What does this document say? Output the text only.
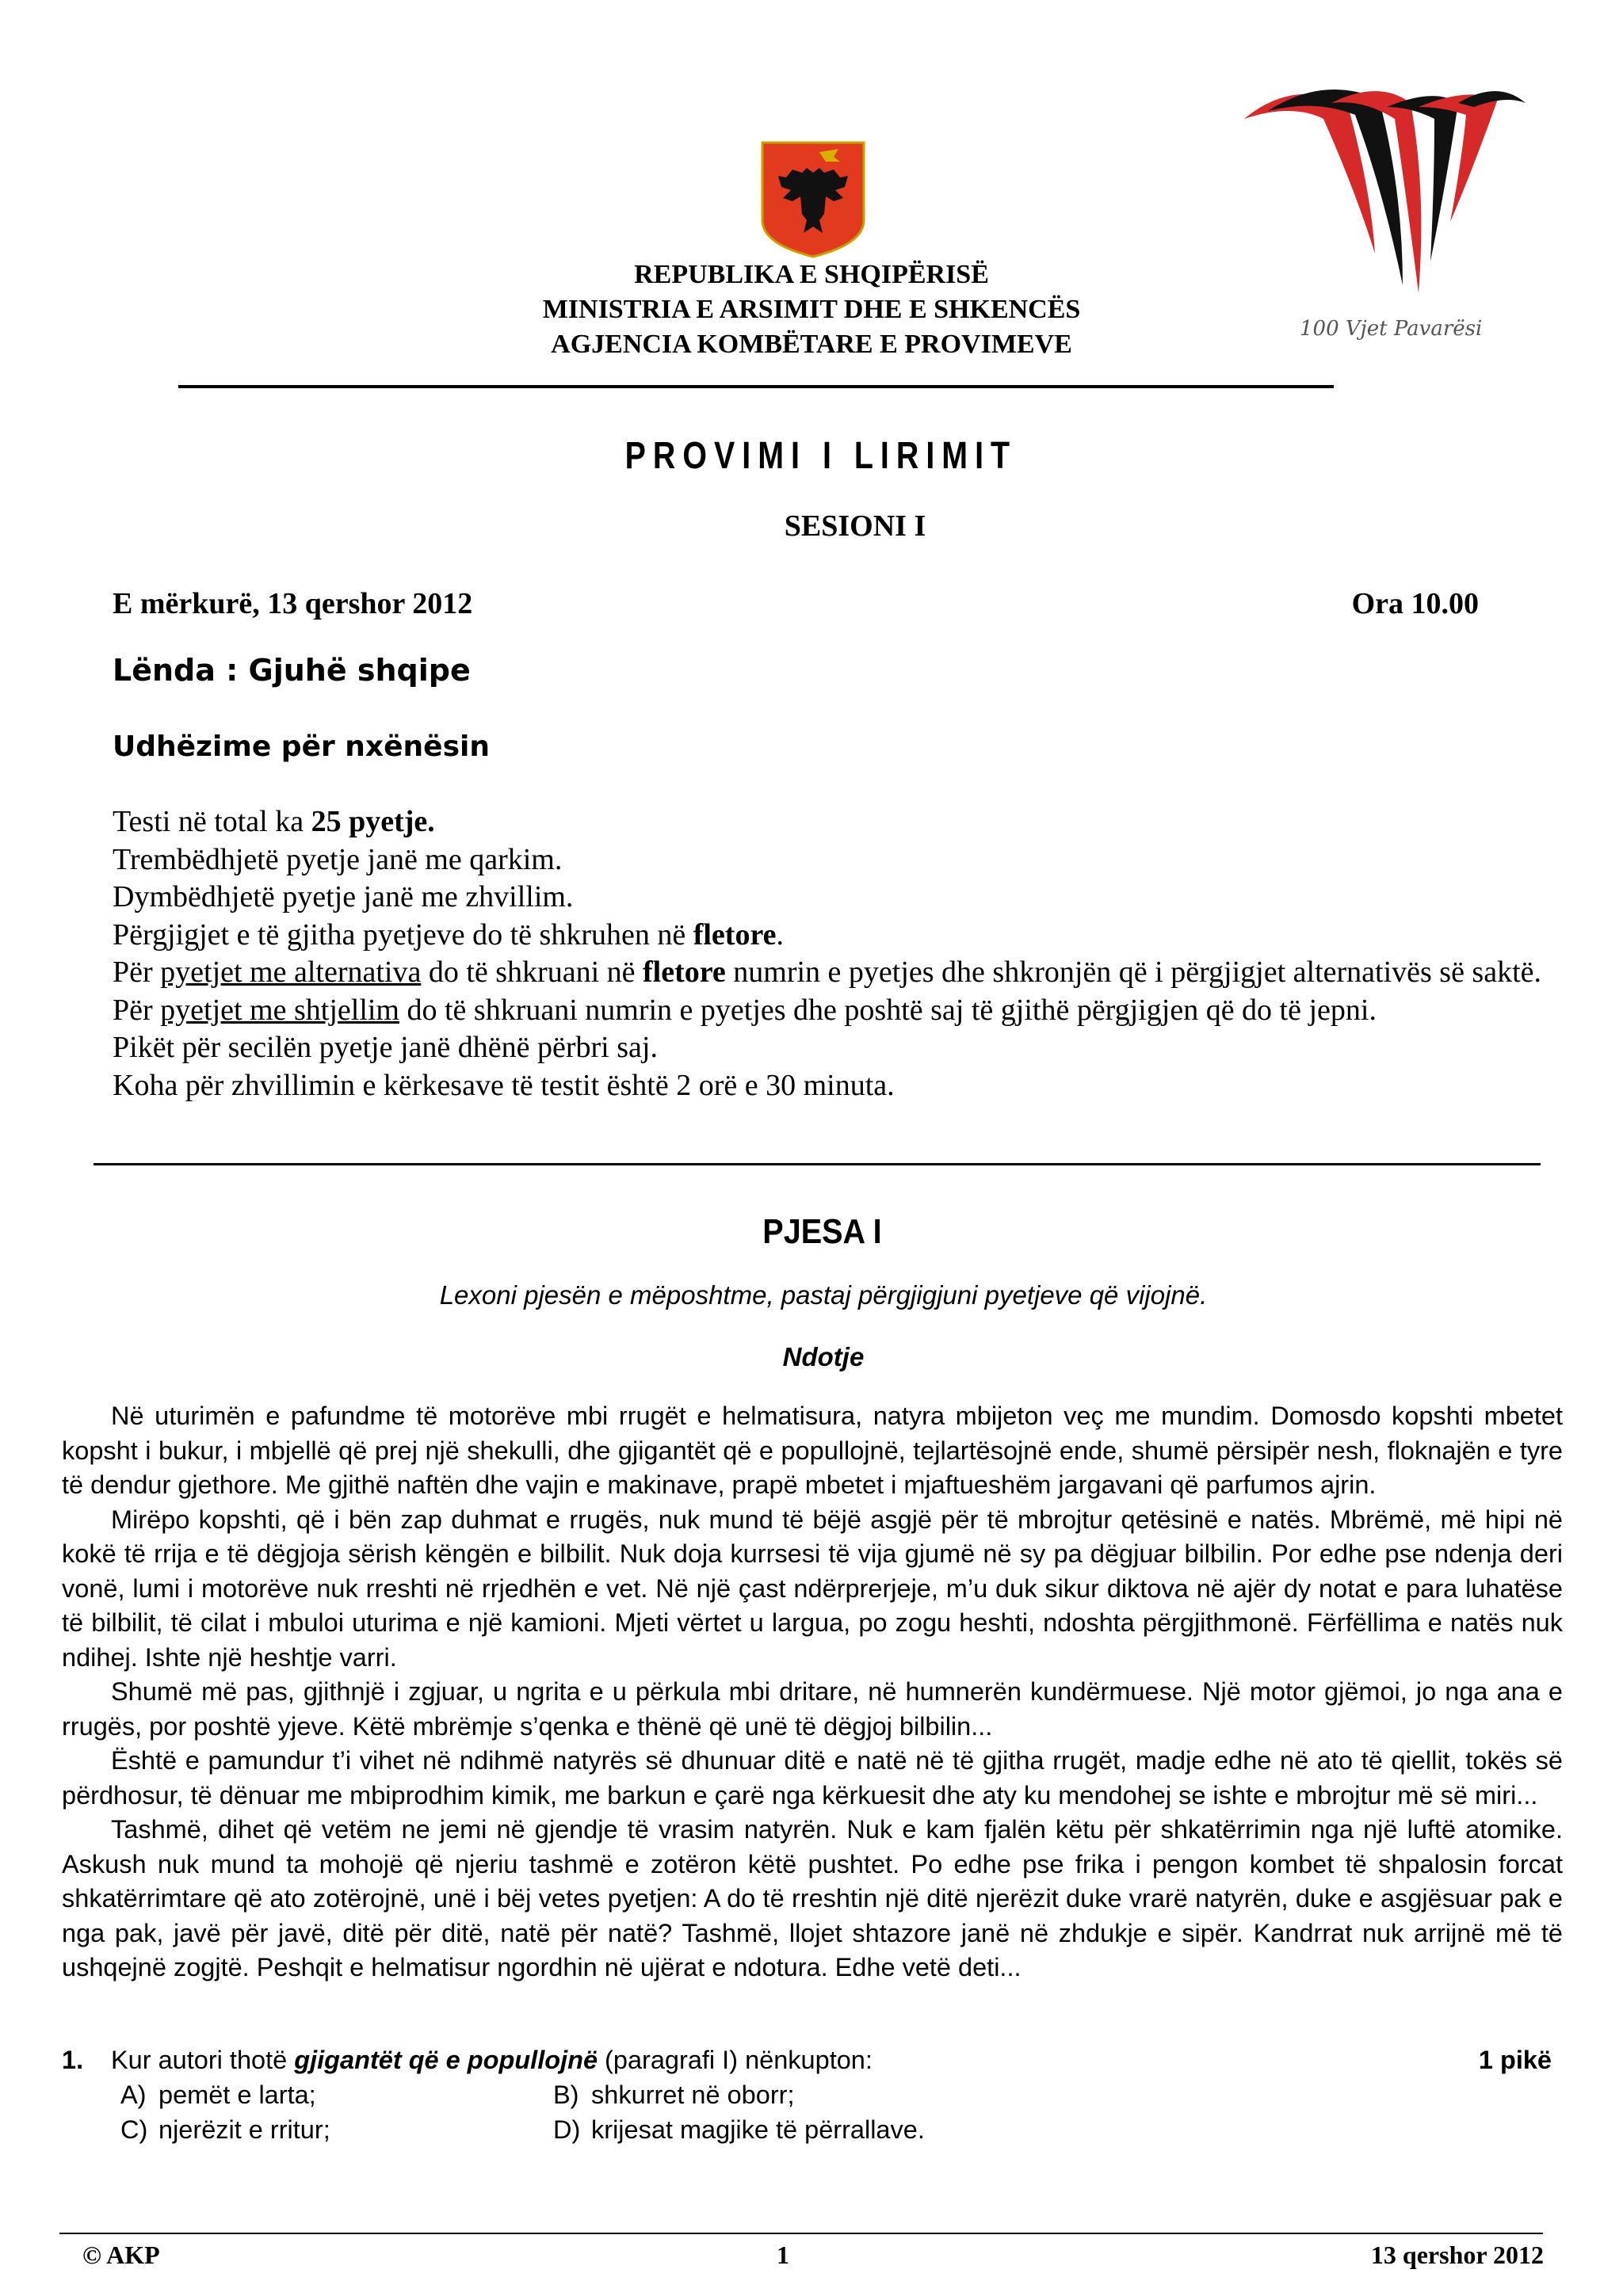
100 Vjet Pavarësi
REPUBLIKA E SHQIPËRISË
MINISTRIA E ARSIMIT DHE E SHKENCËS
AGJENCIA KOMBËTARE E PROVIMEVE
PROVIMI I LIRIMIT
SESIONI I
E mërkurë, 13 qershor 2012	Ora 10.00
Lënda : Gjuhë shqipe
Udhëzime për nxënësin

Testi në total ka 25 pyetje.

Trembëdhjetë pyetje janë me qarkim.

Dymbëdhjetë pyetje janë me zhvillim.

Përgjigjet e të gjitha pyetjeve do të shkruhen në fletore.

Për pyetjet me alternativa do të shkruani në fletore numrin e pyetjes dhe shkronjën që i përgjigjet alternativës së saktë.

Për pyetjet me shtjellim do të shkruani numrin e pyetjes dhe poshtë saj të gjithë përgjigjen që do të jepni.

Pikët për secilën pyetje janë dhënë përbri saj.

Koha për zhvillimin e kërkesave të testit është 2 orë e 30 minuta.

PJESA I
Lexoni pjesën e mëposhtme, pastaj përgjigjuni pyetjeve që vijojnë.
Ndotje

Në uturimën e pafundme të motorëve mbi rrugët e helmatisura, natyra mbijeton veç me mundim. Domosdo kopshti mbetet kopsht i bukur, i mbjellë që prej një shekulli, dhe gjigantët që e popullojnë, tejlartësojnë ende, shumë përsipër nesh, floknajën e tyre të dendur gjethore. Me gjithë naftën dhe vajin e makinave, prapë mbetet i mjaftueshëm jargavani që parfumos ajrin.

Mirëpo kopshti, që i bën zap duhmat e rrugës, nuk mund të bëjë asgjë për të mbrojtur qetësinë e natës. Mbrëmë, më hipi në kokë të rrija e të dëgjoja sërish këngën e bilbilit. Nuk doja kurrsesi të vija gjumë në sy pa dëgjuar bilbilin. Por edhe pse ndenja deri vonë, lumi i motorëve nuk rreshti në rrjedhën e vet. Në një çast ndërprerjeje, m’u duk sikur diktova në ajër dy notat e para luhatëse të bilbilit, të cilat i mbuloi uturima e një kamioni. Mjeti vërtet u largua, po zogu heshti, ndoshta përgjithmonë. Fërfëllima e natës nuk ndihej. Ishte një heshtje varri.

Shumë më pas, gjithnjë i zgjuar, u ngrita e u përkula mbi dritare, në humnerën kundërmuese. Një motor gjëmoi, jo nga ana e rrugës, por poshtë yjeve. Këtë mbrëmje s’qenka e thënë që unë të dëgjoj bilbilin...

Është e pamundur t’i vihet në ndihmë natyrës së dhunuar ditë e natë në të gjitha rrugët, madje edhe në ato të qiellit, tokës së përdhosur, të dënuar me mbiprodhim kimik, me barkun e çarë nga kërkuesit dhe aty ku mendohej se ishte e mbrojtur më së miri...

Tashmë, dihet që vetëm ne jemi në gjendje të vrasim natyrën. Nuk e kam fjalën këtu për shkatërrimin nga një luftë atomike. Askush nuk mund ta mohojë që njeriu tashmë e zotëron këtë pushtet. Po edhe pse frika i pengon kombet të shpalosin forcat shkatërrimtare që ato zotërojnë, unë i bëj vetes pyetjen: A do të rreshtin një ditë njerëzit duke vrarë natyrën, duke e asgjësuar pak e nga pak, javë për javë, ditë për ditë, natë për natë? Tashmë, llojet shtazore janë në zhdukje e sipër. Kandrrat nuk arrijnë më të ushqejnë zogjtë. Peshqit e helmatisur ngordhin në ujërat e ndotura. Edhe vetë deti...

1. Kur autori thotë gjigantët që e popullojnë (paragrafi I) nënkupton:	1 pikë
A) pemët e larta;	B) shkurret në oborr;
C) njerëzit e rritur;	D) krijesat magjike të përrallave.
© AKP	1	13 qershor 2012
